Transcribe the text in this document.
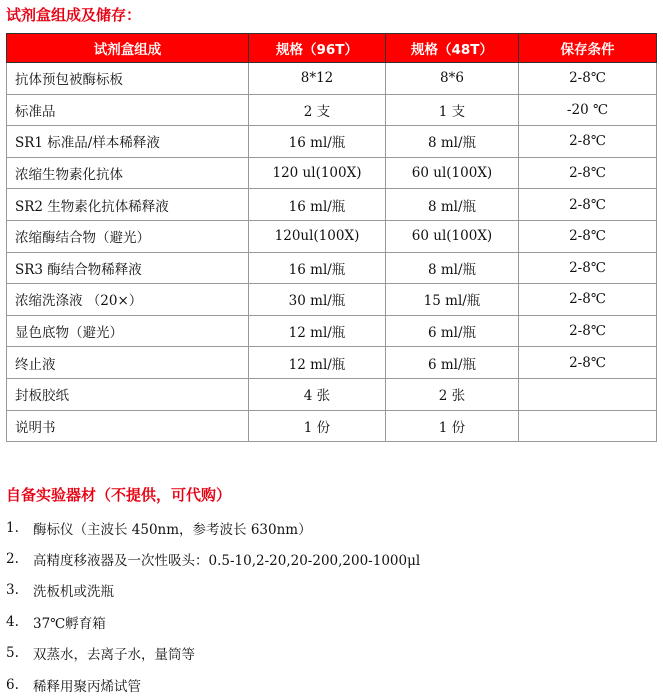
试剂盒组成及储存：
试剂盒组成	规格（96T）	规格（48T）	保存条件
抗体预包被酶标板	8*12	8*6	2-8℃
标准品	2 支	1 支	-20 ℃
SR1 标准品/样本稀释液	16 ml/瓶	8 ml/瓶	2-8℃
浓缩生物素化抗体	120 ul(100X)	60 ul(100X)	2-8℃
SR2 生物素化抗体稀释液	16 ml/瓶	8 ml/瓶	2-8℃
浓缩酶结合物（避光）	120ul(100X)	60 ul(100X)	2-8℃
SR3 酶结合物稀释液	16 ml/瓶	8 ml/瓶	2-8℃
浓缩洗涤液 （20×）	30 ml/瓶	15 ml/瓶	2-8℃
显色底物（避光）	12 ml/瓶	6 ml/瓶	2-8℃
终止液	12 ml/瓶	6 ml/瓶	2-8℃
封板胶纸	4 张	2 张	
说明书	1 份	1 份	
自备实验器材（不提供，可代购）
1.	酶标仪（主波长 450nm，参考波长 630nm）
2.	高精度移液器及一次性吸头：0.5-10,2-20,20-200,200-1000μl
3.	洗板机或洗瓶
4.	37℃孵育箱
5.	双蒸水，去离子水，量筒等
6.	稀释用聚丙烯试管
